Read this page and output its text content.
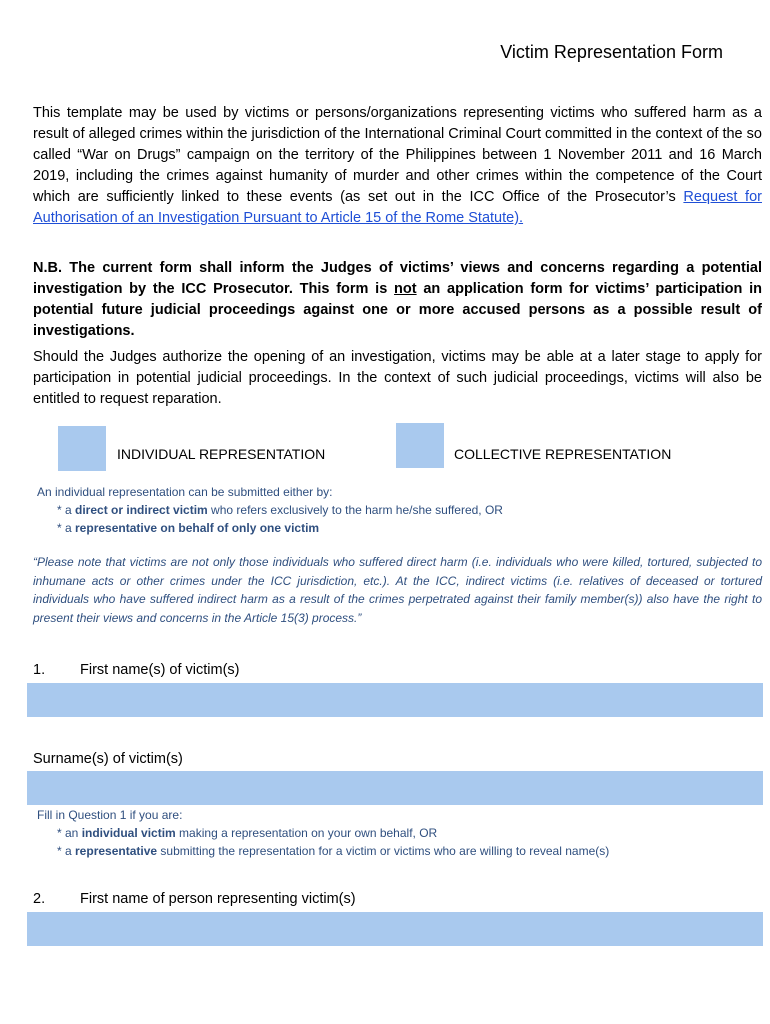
Victim Representation Form
This template may be used by victims or persons/organizations representing victims who suffered harm as a result of alleged crimes within the jurisdiction of the International Criminal Court committed in the context of the so called “War on Drugs” campaign on the territory of the Philippines between 1 November 2011 and 16 March 2019, including the crimes against humanity of murder and other crimes within the competence of the Court which are sufficiently linked to these events (as set out in the ICC Office of the Prosecutor’s Request for Authorisation of an Investigation Pursuant to Article 15 of the Rome Statute).
N.B. The current form shall inform the Judges of victims’ views and concerns regarding a potential investigation by the ICC Prosecutor. This form is not an application form for victims’ participation in potential future judicial proceedings against one or more accused persons as a possible result of investigations.
Should the Judges authorize the opening of an investigation, victims may be able at a later stage to apply for participation in potential judicial proceedings. In the context of such judicial proceedings, victims will also be entitled to request reparation.
INDIVIDUAL REPRESENTATION	COLLECTIVE REPRESENTATION
An individual representation can be submitted either by:
* a direct or indirect victim who refers exclusively to the harm he/she suffered, OR
* a representative on behalf of only one victim
“Please note that victims are not only those individuals who suffered direct harm (i.e. individuals who were killed, tortured, subjected to inhumane acts or other crimes under the ICC jurisdiction, etc.). At the ICC, indirect victims (i.e. relatives of deceased or tortured individuals who have suffered indirect harm as a result of the crimes perpetrated against their family member(s)) also have the right to present their views and concerns in the Article 15(3) process.”
1. First name(s) of victim(s)
Surname(s) of victim(s)
Fill in Question 1 if you are:
* an individual victim making a representation on your own behalf, OR
* a representative submitting the representation for a victim or victims who are willing to reveal name(s)
2. First name of person representing victim(s)
